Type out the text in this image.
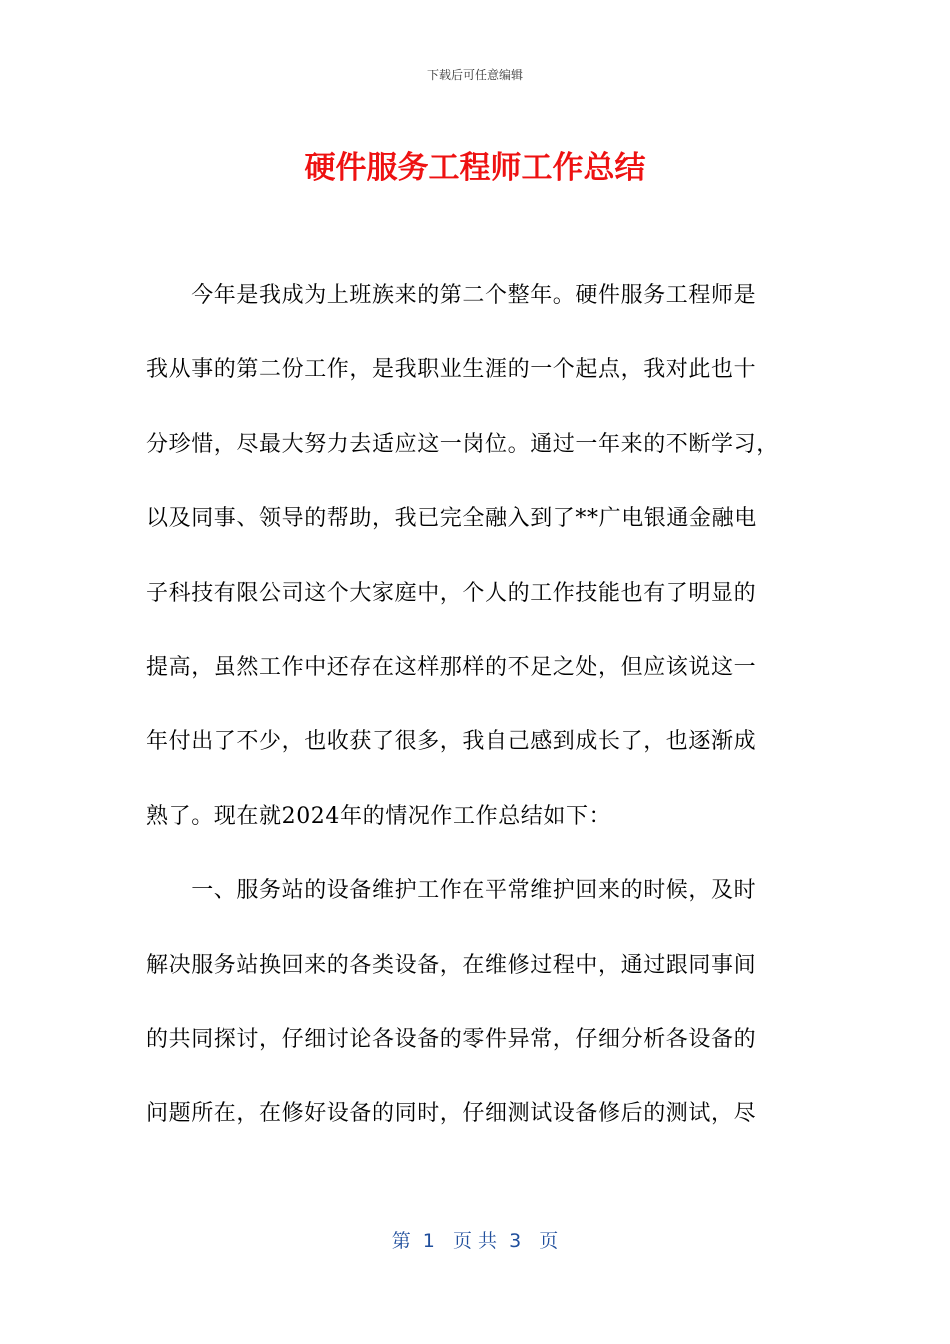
下载后可任意编辑
硬件服务工程师工作总结
　　今年是我成为上班族来的第二个整年。硬件服务工程师是
我从事的第二份工作，是我职业生涯的一个起点，我对此也十
分珍惜，尽最大努力去适应这一岗位。通过一年来的不断学习，
以及同事、领导的帮助，我已完全融入到了**广电银通金融电
子科技有限公司这个大家庭中，个人的工作技能也有了明显的
提高，虽然工作中还存在这样那样的不足之处，但应该说这一
年付出了不少，也收获了很多，我自己感到成长了，也逐渐成
熟了。现在就2024年的情况作工作总结如下：
　　一、服务站的设备维护工作在平常维护回来的时候，及时
解决服务站换回来的各类设备，在维修过程中，通过跟同事间
的共同探讨，仔细讨论各设备的零件异常，仔细分析各设备的
问题所在，在修好设备的同时，仔细测试设备修后的测试，尽
第  1   页 共  3   页
